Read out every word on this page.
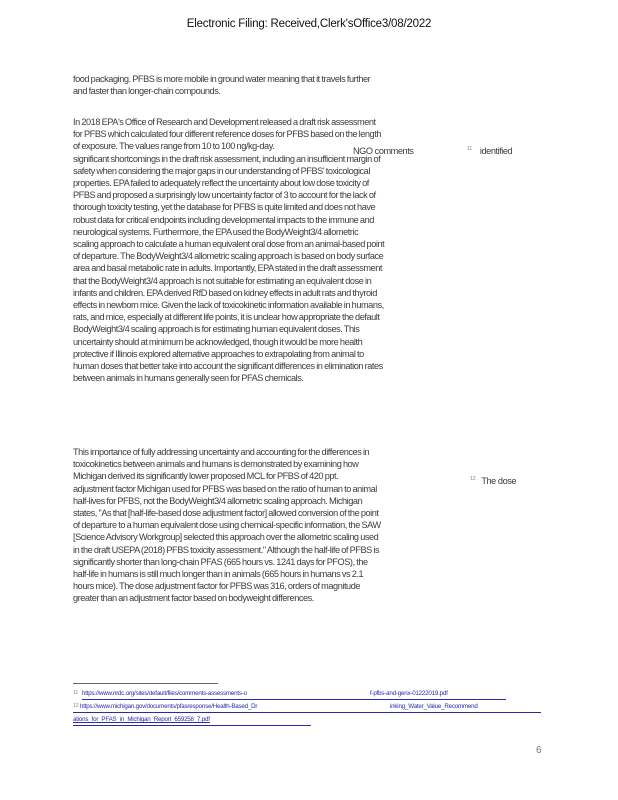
Electronic Filing: Received,Clerk'sOffice3/08/2022
food packaging. PFBS is more mobile in ground water meaning that it travels further
and faster than longer-chain compounds.
In 2018 EPA's Office of Research and Development released a draft risk assessment
for PFBS which calculated four different reference doses for PFBS based on the length
of exposure. The values range from 10 to 100 ng/kg-day.
significant shortcomings in the draft risk assessment, including an insufficient margin of
safety when considering the major gaps in our understanding of PFBS' toxicological
properties. EPA failed to adequately reflect the uncertainty about low dose toxicity of
PFBS and proposed a surprisingly low uncertainty factor of 3 to account for the lack of
thorough toxicity testing, yet the database for PFBS is quite limited and does not have
robust data for critical endpoints including developmental impacts to the immune and
neurological systems. Furthermore, the EPA used the BodyWeight3/4 allometric
scaling approach to calculate a human equivalent oral dose from an animal-based point
of departure. The BodyWeight3/4 allometric scaling approach is based on body surface
area and basal metabolic rate in adults. Importantly, EPA stated in the draft assessment
that the BodyWeight3/4 approach is not suitable for estimating an equivalent dose in
infants and children. EPA derived RfD based on kidney effects in adult rats and thyroid
effects in newborn mice. Given the lack of toxicokinetic information available in humans,
rats, and mice, especially at different life points, it is unclear how appropriate the default
BodyWeight3/4 scaling approach is for estimating human equivalent doses. This
uncertainty should at minimum be acknowledged, though it would be more health
protective if Illinois explored alternative approaches to extrapolating from animal to
human doses that better take into account the significant differences in elimination rates
between animals in humans generally seen for PFAS chemicals.
This importance of fully addressing uncertainty and accounting for the differences in
toxicokinetics between animals and humans is demonstrated by examining how
Michigan derived its significantly lower proposed MCL for PFBS of 420 ppt.
adjustment factor Michigan used for PFBS was based on the ratio of human to animal
half-lives for PFBS, not the BodyWeight3/4 allometric scaling approach. Michigan
states, "As that [half-life-based dose adjustment factor] allowed conversion of the point
of departure to a human equivalent dose using chemical-specific information, the SAW
[Science Advisory Workgroup] selected this approach over the allometric scaling used
in the draft USEPA (2018) PFBS toxicity assessment." Although the half-life of PFBS is
significantly shorter than long-chain PFAS (665 hours vs. 1241 days for PFOS), the
half-life in humans is still much longer than in animals (665 hours in humans vs 2.1
hours mice). The dose adjustment factor for PFBS was 316, orders of magnitude
greater than an adjustment factor based on bodyweight differences.
NGO comments	$^{11}$ identified
$^{12}$ The dose
11 https://www.nrdc.org/sites/default/files/comments-assessments-o	f-pfbs-and-genx-01222019.pdf
12 https://www.michigan.gov/documents/pfasresponse/Health-Based_Dr	inking_Water_Value_Recommend
ations_for_PFAS_in_Michigan_Report_659258_7.pdf
6
